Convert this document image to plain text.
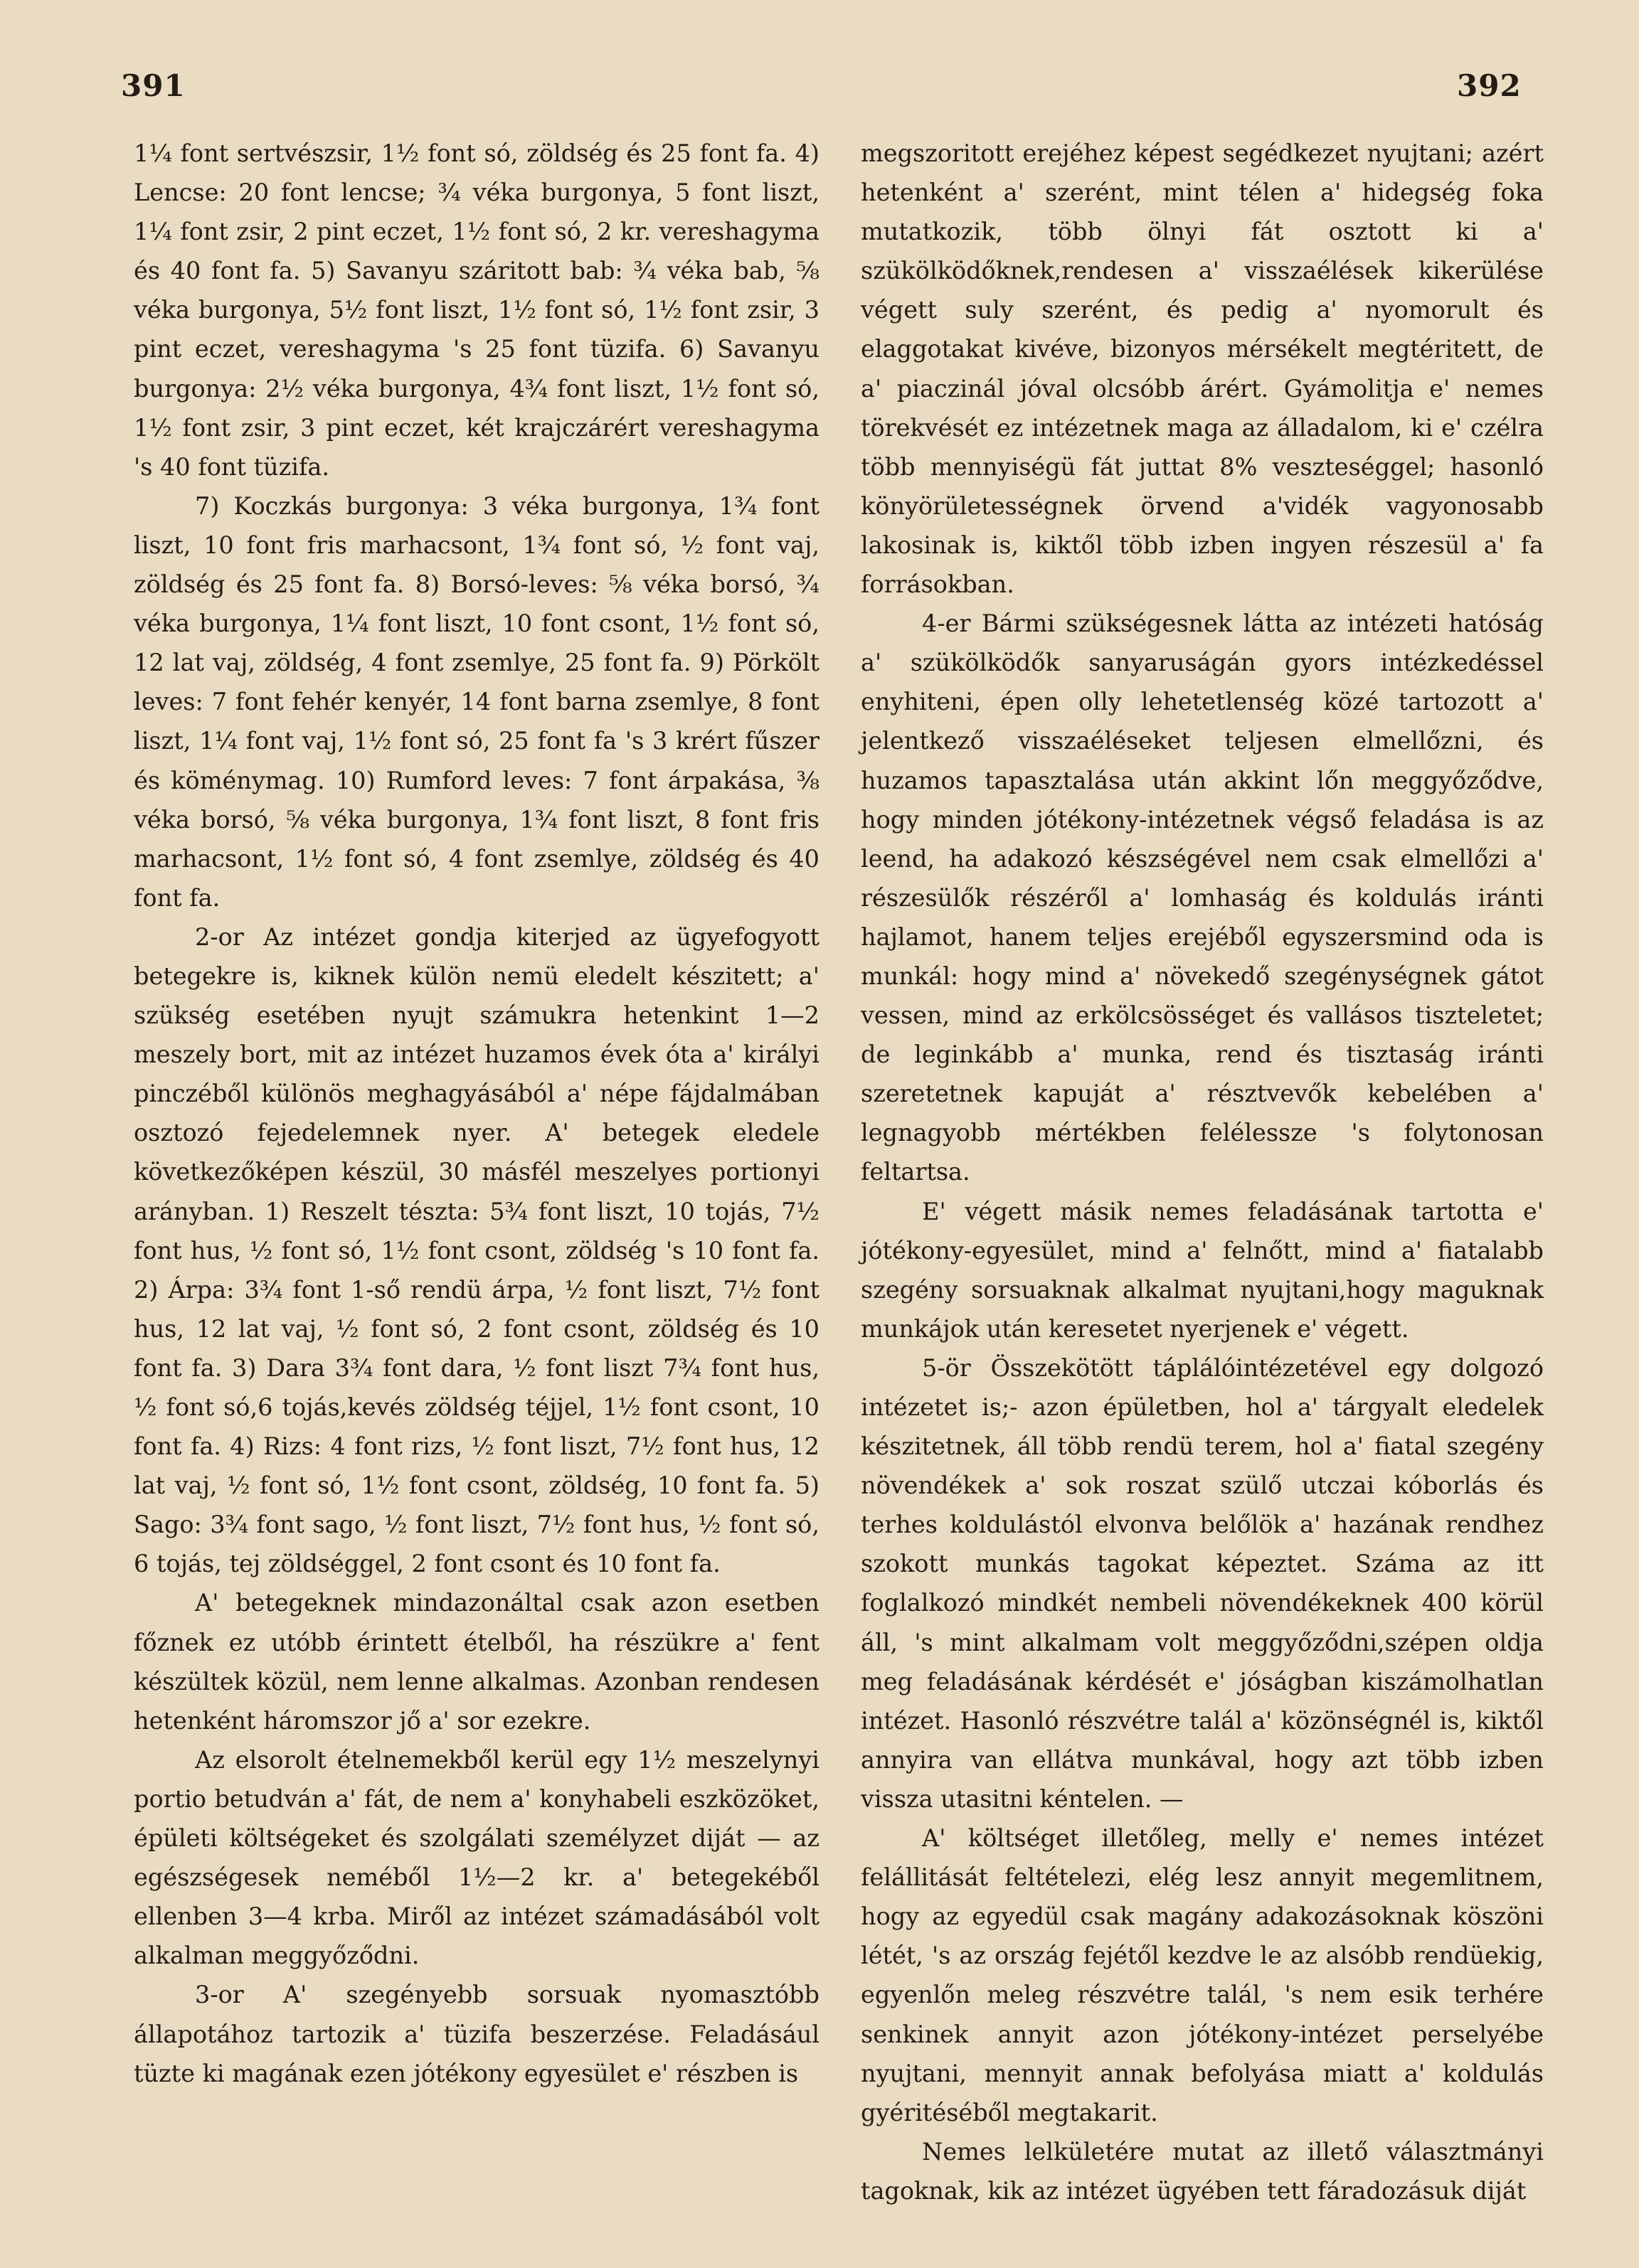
391	392

1¼ font sertvészsir, 1½ font só, zöldség és 25 font fa. 4) Lencse: 20 font lencse; ¾ véka burgonya, 5 font liszt, 1¼ font zsir, 2 pint eczet, 1½ font só, 2 kr. vereshagyma és 40 font fa. 5) Savanyu száritott bab: ¾ véka bab, ⅝ véka burgonya, 5½ font liszt, 1½ font só, 1½ font zsir, 3 pint eczet, vereshagyma 's 25 font tüzifa. 6) Savanyu burgonya: 2½ véka burgonya, 4¾ font liszt, 1½ font só, 1½ font zsir, 3 pint eczet, két krajczárért vereshagyma 's 40 font tüzifa.

7) Koczkás burgonya: 3 véka burgonya, 1¾ font liszt, 10 font fris marhacsont, 1¾ font só, ½ font vaj, zöldség és 25 font fa. 8) Borsó-leves: ⅝ véka borsó, ¾ véka burgonya, 1¼ font liszt, 10 font csont, 1½ font só, 12 lat vaj, zöldség, 4 font zsemlye, 25 font fa. 9) Pörkölt leves: 7 font fehér kenyér, 14 font barna zsemlye, 8 font liszt, 1¼ font vaj, 1½ font só, 25 font fa 's 3 krért fűszer és köménymag. 10) Rumford leves: 7 font árpakása, ⅜ véka borsó, ⅝ véka burgonya, 1¾ font liszt, 8 font fris marhacsont, 1½ font só, 4 font zsemlye, zöldség és 40 font fa.

2-or Az intézet gondja kiterjed az ügyefogyott betegekre is, kiknek külön nemü eledelt készitett; a' szükség esetében nyujt számukra hetenkint 1—2 meszely bort, mit az intézet huzamos évek óta a' királyi pinczéből különös meghagyásából a' népe fájdalmában osztozó fejedelemnek nyer. A' betegek eledele következőképen készül, 30 másfél meszelyes portionyi arányban. 1) Reszelt tészta: 5¾ font liszt, 10 tojás, 7½ font hus, ½ font só, 1½ font csont, zöldség 's 10 font fa. 2) Árpa: 3¾ font 1-ső rendü árpa, ½ font liszt, 7½ font hus, 12 lat vaj, ½ font só, 2 font csont, zöldség és 10 font fa. 3) Dara 3¾ font dara, ½ font liszt 7¾ font hus, ½ font só,6 tojás,kevés zöldség téjjel, 1½ font csont, 10 font fa. 4) Rizs: 4 font rizs, ½ font liszt, 7½ font hus, 12 lat vaj, ½ font só, 1½ font csont, zöldség, 10 font fa. 5) Sago: 3¾ font sago, ½ font liszt, 7½ font hus, ½ font só, 6 tojás, tej zöldséggel, 2 font csont és 10 font fa.

A' betegeknek mindazonáltal csak azon esetben főznek ez utóbb érintett ételből, ha részükre a' fent készültek közül, nem lenne alkalmas. Azonban rendesen hetenként háromszor jő a' sor ezekre.

Az elsorolt ételnemekből kerül egy 1½ meszelynyi portio betudván a' fát, de nem a' konyhabeli eszközöket, épületi költségeket és szolgálati személyzet diját — az egészségesek neméből 1½—2 kr. a' betegekéből ellenben 3—4 krba. Miről az intézet számadásából volt alkalman meggyőződni.

3-or A' szegényebb sorsuak nyomasztóbb állapotához tartozik a' tüzifa beszerzése. Feladásául tüzte ki magának ezen jótékony egyesület e' részben is

megszoritott erejéhez képest segédkezet nyujtani; azért hetenként a' szerént, mint télen a' hidegség foka mutatkozik, több ölnyi fát osztott ki a' szükölködőknek,rendesen a' visszaélések kikerülése végett suly szerént, és pedig a' nyomorult és elaggotakat kivéve, bizonyos mérsékelt megtéritett, de a' piaczinál jóval olcsóbb árért. Gyámolitja e' nemes törekvését ez intézetnek maga az álladalom, ki e' czélra több mennyiségü fát juttat 8% veszteséggel; hasonló könyörületességnek örvend a'vidék vagyonosabb lakosinak is, kiktől több izben ingyen részesül a' fa forrásokban.

4-er Bármi szükségesnek látta az intézeti hatóság a' szükölködők sanyaruságán gyors intézkedéssel enyhiteni, épen olly lehetetlenség közé tartozott a' jelentkező visszaéléseket teljesen elmellőzni, és huzamos tapasztalása után akkint lőn meggyőződve, hogy minden jótékony-intézetnek végső feladása is az leend, ha adakozó készségével nem csak elmellőzi a' részesülők részéről a' lomhaság és koldulás iránti hajlamot, hanem teljes erejéből egyszersmind oda is munkál: hogy mind a' növekedő szegénységnek gátot vessen, mind az erkölcsösséget és vallásos tiszteletet; de leginkább a' munka, rend és tisztaság iránti szeretetnek kapuját a' résztvevők kebelében a' legnagyobb mértékben felélessze 's folytonosan feltartsa.

E' végett másik nemes feladásának tartotta e' jótékony-egyesület, mind a' felnőtt, mind a' fiatalabb szegény sorsuaknak alkalmat nyujtani,hogy maguknak munkájok után keresetet nyerjenek e' végett.

5-ör Összekötött táplálóintézetével egy dolgozó intézetet is;- azon épületben, hol a' tárgyalt eledelek készitetnek, áll több rendü terem, hol a' fiatal szegény növendékek a' sok roszat szülő utczai kóborlás és terhes koldulástól elvonva belőlök a' hazának rendhez szokott munkás tagokat képeztet. Száma az itt foglalkozó mindkét nembeli növendékeknek 400 körül áll, 's mint alkalmam volt meggyőződni,szépen oldja meg feladásának kérdését e' jóságban kiszámolhatlan intézet. Hasonló részvétre talál a' közönségnél is, kiktől annyira van ellátva munkával, hogy azt több izben vissza utasitni kéntelen. —

A' költséget illetőleg, melly e' nemes intézet felállitását feltételezi, elég lesz annyit megemlitnem, hogy az egyedül csak magány adakozásoknak köszöni létét, 's az ország fejétől kezdve le az alsóbb rendüekig, egyenlőn meleg részvétre talál, 's nem esik terhére senkinek annyit azon jótékony-intézet perselyébe nyujtani, mennyit annak befolyása miatt a' koldulás gyéritéséből megtakarit.

Nemes lelkületére mutat az illető választmányi tagoknak, kik az intézet ügyében tett fáradozásuk diját
